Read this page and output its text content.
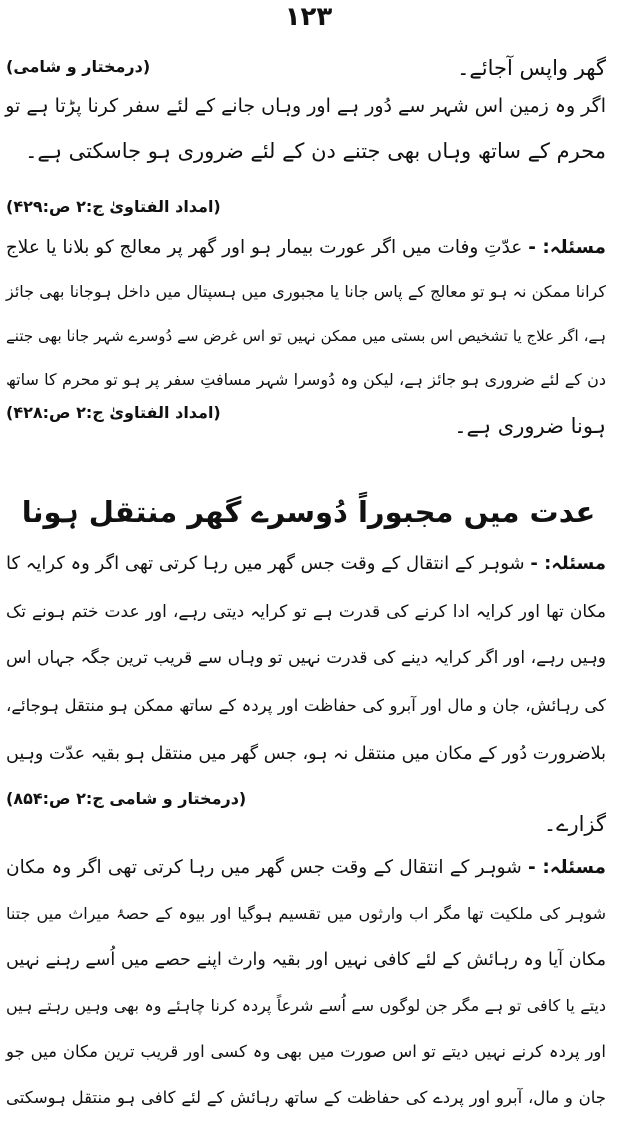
۱۲۳
گھر واپس آجائے۔
(درمختار و شامی)
اگر وہ زمین اس شہر سے دُور ہے اور وہاں جانے کے لئے سفر کرنا پڑتا ہے تو
محرم کے ساتھ وہاں بھی جتنے دن کے لئے ضروری ہو جاسکتی ہے۔
(امداد الفتاویٰ ج:۲ ص:۴۲۹)
مسئلہ: - عدّتِ وفات میں اگر عورت بیمار ہو اور گھر پر معالج کو بلانا یا علاج
کرانا ممکن نہ ہو تو معالج کے پاس جانا یا مجبوری میں ہسپتال میں داخل ہوجانا بھی جائز
ہے، اگر علاج یا تشخیص اس بستی میں ممکن نہیں تو اس غرض سے دُوسرے شہر جانا بھی جتنے
دن کے لئے ضروری ہو جائز ہے، لیکن وہ دُوسرا شہر مسافتِ سفر پر ہو تو محرم کا ساتھ
ہونا ضروری ہے۔
(امداد الفتاویٰ ج:۲ ص:۴۲۸)
عدت میں مجبوراً دُوسرے گھر منتقل ہونا
مسئلہ: - شوہر کے انتقال کے وقت جس گھر میں رہا کرتی تھی اگر وہ کرایہ کا
مکان تھا اور کرایہ ادا کرنے کی قدرت ہے تو کرایہ دیتی رہے، اور عدت ختم ہونے تک
وہیں رہے، اور اگر کرایہ دینے کی قدرت نہیں تو وہاں سے قریب ترین جگہ جہاں اس
کی رہائش، جان و مال اور آبرو کی حفاظت اور پردہ کے ساتھ ممکن ہو منتقل ہوجائے،
بلاضرورت دُور کے مکان میں منتقل نہ ہو، جس گھر میں منتقل ہو بقیہ عدّت وہیں
(درمختار و شامی ج:۲ ص:۸۵۴)
گزارے۔
مسئلہ: - شوہر کے انتقال کے وقت جس گھر میں رہا کرتی تھی اگر وہ مکان
شوہر کی ملکیت تھا مگر اب وارثوں میں تقسیم ہوگیا اور بیوہ کے حصۂ میراث میں جتنا
مکان آیا وہ رہائش کے لئے کافی نہیں اور بقیہ وارث اپنے حصے میں اُسے رہنے نہیں
دیتے یا کافی تو ہے مگر جن لوگوں سے اُسے شرعاً پردہ کرنا چاہئے وہ بھی وہیں رہتے ہیں
اور پردہ کرنے نہیں دیتے تو اس صورت میں بھی وہ کسی اور قریب ترین مکان میں جو
جان و مال، آبرو اور پردے کی حفاظت کے ساتھ رہائش کے لئے کافی ہو منتقل ہوسکتی
